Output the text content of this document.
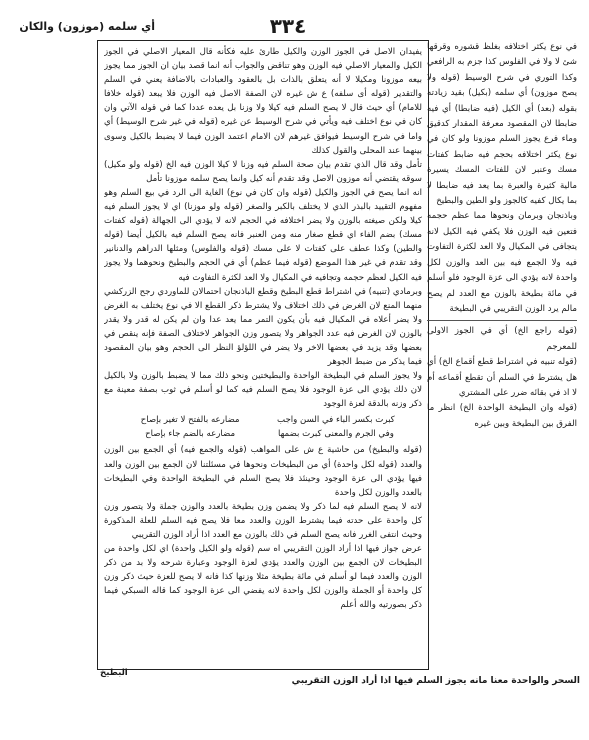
أي سلمه (موزون) والكان	٣٣٤

يفيدان الاصل في الجوز الوزن والكيل طارئ عليه فكأنه قال المعيار الاصلي في الجوز الكيل والمعيار الاصلي فيه الوزن وهو تناقض والجواب أنه انما قصد بيان ان الجوز مما يجوز بيعه موزونا ومكيلا لا أنه يتعلق بالذات بل بالعقود والعبادات بالاضافة يعني في السلم والتقدير (قوله أى سلفه) ع ش غيره لان الصفة الاصل فيه الوزن فلا يبعد (قوله خلافا للامام) أي حيث قال لا يصح السلم فيه كيلا ولا وزنا بل يعده عددا كما في قوله الآتي وان كان في نوع اختلف فيه ويأتي في شرح الوسيط عن غيره (قوله في غير شرح الوسيط) أي واما في شرح الوسيط فيوافق غيرهم لان الامام اعتمد الوزن فيما لا يضبط بالكيل وسوى بينهما عند المحلى والقول كذلك

تأمل وقد قال الذي تقدم بيان صحة السلم فيه وزنا لا كيلا الوزن فيه الخ (قوله ولو مكيل) سوقه يقتضي أنه موزون الاصل وقد تقدم أنه كيل وانما يصح سلمه موزونا تأمل

انه انما يصح في الجوز والكيل (قوله وان كان في نوع) الغاية الى الرد في بيع السلم وهو مفهوم التقييد بالبذر الذي لا يختلف بالكبر والصغر (قوله ولو موزنا) اي لا يجوز السلم فيه كيلا ولكن صيغته بالوزن ولا يضر اختلافه في الحجم لانه لا يؤدي الى الجهالة (قوله كفتات مسك) بضم الفاء اي قطع صغار منه ومن العنبر فانه يصح السلم فيه بالكيل أيضا (قوله والطين) وكذا عطف على كفتات لا على مسك (قوله والفلوس) ومثلها الدراهم والدنانير وقد تقدم في غير هذا الموضع (قوله فيما عظم) أي في الحجم والبطيخ ونحوهما ولا يجوز فيه الكيل لعظم حجمه وتجافيه في المكيال ولا العد لكثرة التفاوت فيه

وبرمادي (تنبيه) في اشتراط قطع البطيخ وقطع الباذنجان احتمالان للماوردي رجح الزركشي منهما المنع لان الغرض في ذلك اختلاف ولا يشترط ذكر القطع الا في نوع يختلف به الغرض ولا يضر أعلاه في المكيال فيه بأن يكون التمر مما يعد عدا وان لم يكن له قدر ولا يقدر بالوزن لان الغرض فيه عدد الجواهر ولا يتصور وزن الجواهر لاختلاف الصفة فإنه ينقص في بعضها وقد يزيد في بعضها الاخر ولا يضر في اللؤلؤ النظر الى الحجم وهو بيان المقصود فيما يذكر من ضبط الجوهر

ولا يجوز السلم في البطيخة الواحدة والبطيختين ونحو ذلك مما لا يضبط بالوزن ولا بالكيل لان ذلك يؤدي الى عزة الوجود فلا يصح السلم فيه كما لو أسلم في ثوب بصفة معينة مع ذكر وزنه بالدقة لعزة الوجود

كبرت بكسر الباء في السن واجب
مضارعه بالفتح لا تغير بإصاح
وفي الجرم والمعنى كبرت بضمها
مضارعه بالضم جاء بإصاح

(قوله والبطيخ) من حاشية ع ش على المواهب (قوله والجمع فيه) أي الجمع بين الوزن والعدد (قوله لكل واحدة) أي من البطيخات ونحوها في مسئلتنا لان الجمع بين الوزن والعد فيها يؤدي الى عزة الوجود وحينئذ فلا يصح السلم في البطيخة الواحدة وفي البطيخات بالعدد والوزن لكل واحدة

لانه لا يصح السلم فيه لما ذكر ولا يضمن وزن بطيخة بالعدد والوزن جملة ولا يتصور وزن كل واحدة على حدته فيما يشترط الوزن والعدد معا فلا يصح فيه السلم للعلة المذكورة وحيث انتفى الغرر فانه يصح السلم في ذلك بالوزن مع العدد اذا أراد الوزن التقريبي

عرض جواز فيها اذا أراد الوزن التقريبي اه سم (قوله ولو الكيل واحدة) اي لكل واحدة من البطيخات لان الجمع بين الوزن والعدد يؤدي لعزة الوجود وعبارة شرحه ولا بد من ذكر الوزن والعدد فيما لو أسلم في مائة بطيخة مثلا وزنها كذا فانه لا يصح للعزة حيث ذكر وزن كل واحدة أو الجملة والوزن لكل واحدة لانه يفضي الى عزة الوجود كما قاله السبكي فيما ذكر بصورتيه والله أعلم

البطيخ

في نوع يكثر اختلافه بغلظ قشوره وقرقها شئ لا ولا في الفلوس كذا جزم به الرافعي وكذا التوري في شرح الوسيط (قوله ولا يصح موزون) أي سلمه (بكيل) بقيد زيادته بقوله (بعد) أي الكيل (فيه ضابطا) أي فيه ضابطا لان المقصود معرفة المقدار كدقيق وماء فرع يجوز السلم موزونا ولو كان في نوع يكثر اختلافه بحجم فيه ضابط كفتات مسك وعنبر لان للفتات المسك يسيرة مالية كثيرة والعبرة بما يعد فيه ضابطا لا بما يكال كفيه كالجوز ولو الطين والبطيخ

وباذنجان وبرمان ونحوها مما عظم حجمه فتعين فيه الوزن فلا يكفي فيه الكيل لانه يتجافى في المكيال ولا العد لكثرة التفاوت فيه ولا الجمع فيه بين العد والوزن لكل واحدة لانه يؤدي الى عزة الوجود فلو أسلم في مائة بطيخة بالوزن مع العدد لم يصح مالم يرد الوزن التقريبي في البطيخة

(قوله راجع الخ) أي في الجوز الاولى للمعرجم

(قوله تنبيه في اشتراط قطع أقماع الخ) أي هل يشترط في السلم أن تقطع أقماعه أم لا اذ في بقائه ضرر على المشتري

(قوله وان البطيخة الواحدة الخ) انظر ما الفرق بين البطيخة وبين غيره

السحر والواحدة معنا مانه يجوز السلم فيها اذا أراد الوزن التقريبي
